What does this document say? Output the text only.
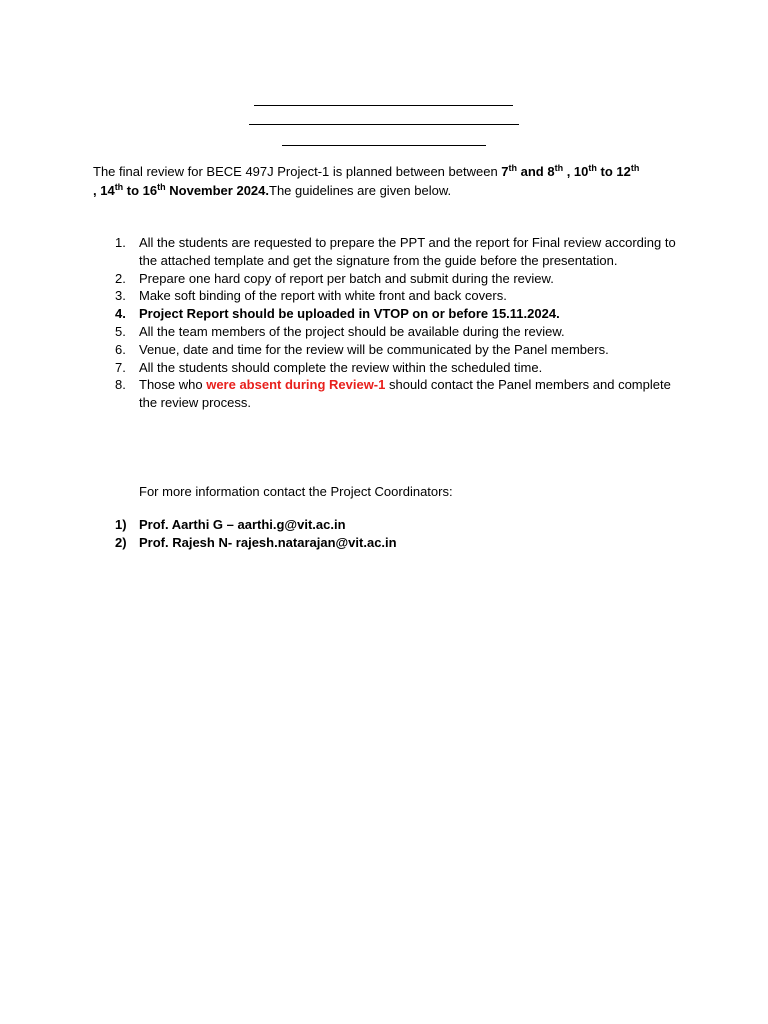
The final review for BECE 497J Project-1 is planned between between 7th and 8th , 10th to 12th
, 14th to 16th November 2024.The guidelines are given below.

1. All the students are requested to prepare the PPT and the report for Final review according to the attached template and get the signature from the guide before the presentation.
2. Prepare one hard copy of report per batch and submit during the review.
3. Make soft binding of the report with white front and back covers.
4. Project Report should be uploaded in VTOP on or before 15.11.2024.
5. All the team members of the project should be available during the review.
6. Venue, date and time for the review will be communicated by the Panel members.
7. All the students should complete the review within the scheduled time.
8. Those who were absent during Review-1 should contact the Panel members and complete the review process.

For more information contact the Project Coordinators:

1) Prof. Aarthi G – aarthi.g@vit.ac.in
2) Prof. Rajesh N- rajesh.natarajan@vit.ac.in
